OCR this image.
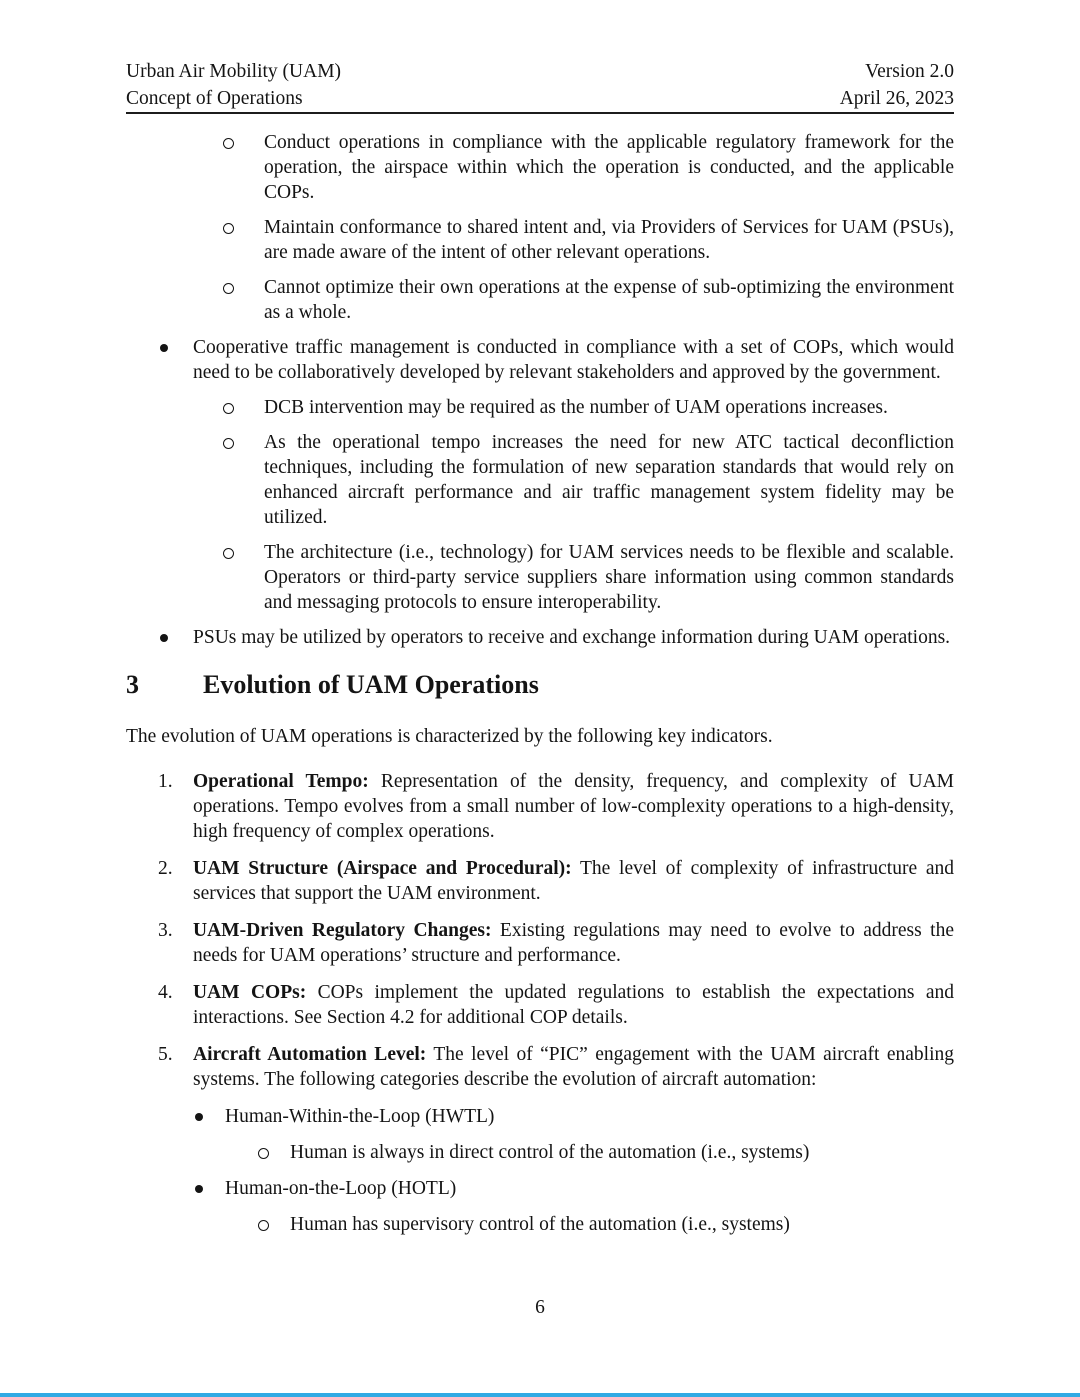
Urban Air Mobility (UAM)
Concept of Operations
Version 2.0
April 26, 2023
Conduct operations in compliance with the applicable regulatory framework for the operation, the airspace within which the operation is conducted, and the applicable COPs.
Maintain conformance to shared intent and, via Providers of Services for UAM (PSUs), are made aware of the intent of other relevant operations.
Cannot optimize their own operations at the expense of sub-optimizing the environment as a whole.
Cooperative traffic management is conducted in compliance with a set of COPs, which would need to be collaboratively developed by relevant stakeholders and approved by the government.
DCB intervention may be required as the number of UAM operations increases.
As the operational tempo increases the need for new ATC tactical deconfliction techniques, including the formulation of new separation standards that would rely on enhanced aircraft performance and air traffic management system fidelity may be utilized.
The architecture (i.e., technology) for UAM services needs to be flexible and scalable. Operators or third-party service suppliers share information using common standards and messaging protocols to ensure interoperability.
PSUs may be utilized by operators to receive and exchange information during UAM operations.
3 Evolution of UAM Operations
The evolution of UAM operations is characterized by the following key indicators.
1.	Operational Tempo: Representation of the density, frequency, and complexity of UAM operations. Tempo evolves from a small number of low-complexity operations to a high-density, high frequency of complex operations.
2.	UAM Structure (Airspace and Procedural): The level of complexity of infrastructure and services that support the UAM environment.
3.	UAM-Driven Regulatory Changes: Existing regulations may need to evolve to address the needs for UAM operations’ structure and performance.
4.	UAM COPs: COPs implement the updated regulations to establish the expectations and interactions. See Section 4.2 for additional COP details.
5.	Aircraft Automation Level: The level of “PIC” engagement with the UAM aircraft enabling systems. The following categories describe the evolution of aircraft automation:
Human-Within-the-Loop (HWTL)
Human is always in direct control of the automation (i.e., systems)
Human-on-the-Loop (HOTL)
Human has supervisory control of the automation (i.e., systems)
6
